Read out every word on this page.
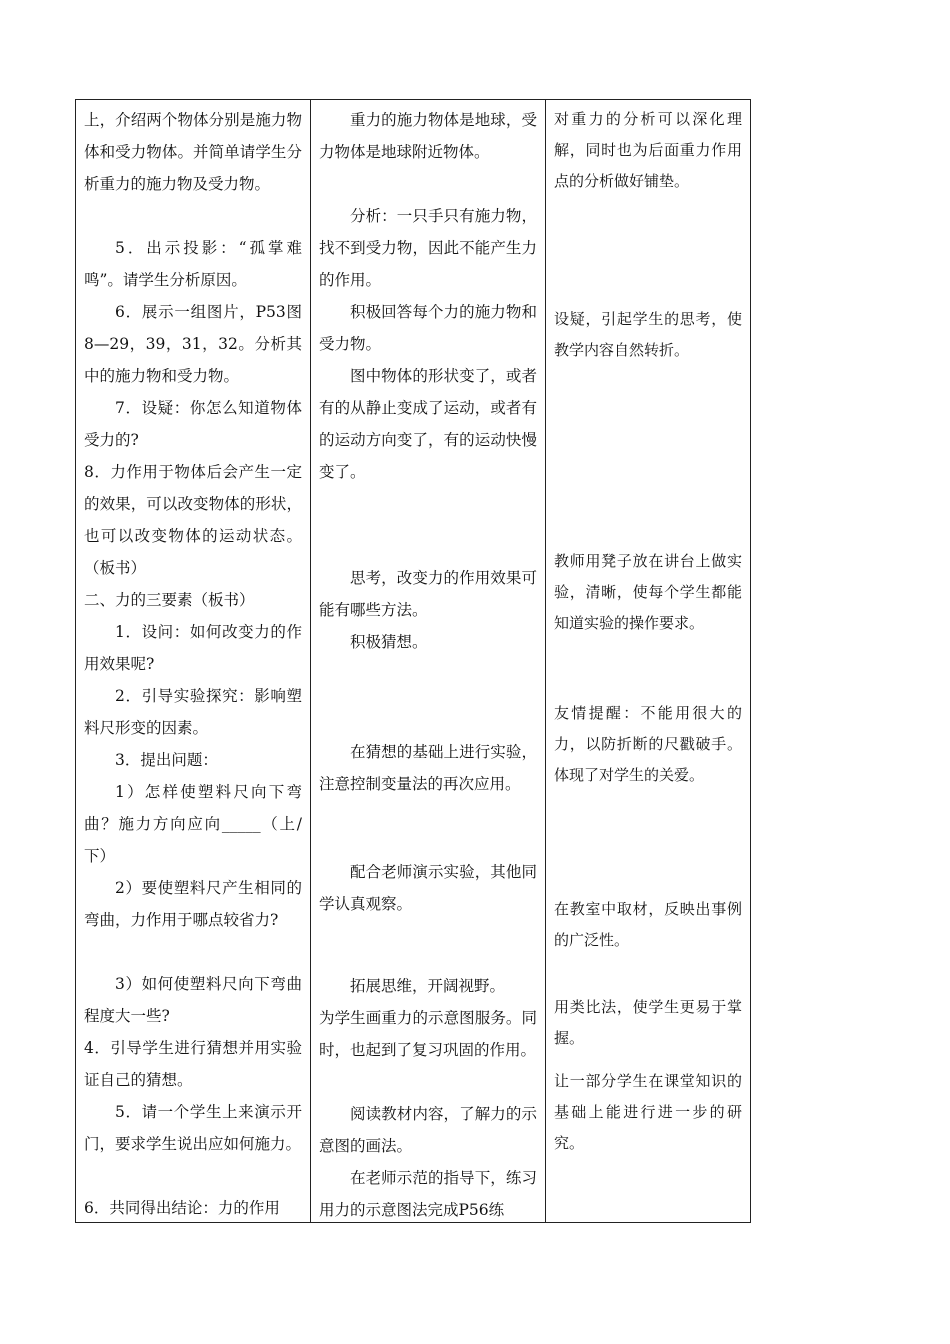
上，介绍两个物体分别是施力物体和受力物体。并简单请学生分析重力的施力物及受力物。
5．出示投影：“孤掌难鸣”。请学生分析原因。
6．展示一组图片，P53图8—29，39，31，32。分析其中的施力物和受力物。
7．设疑：你怎么知道物体受力的?
8．力作用于物体后会产生一定的效果，可以改变物体的形状，也可以改变物体的运动状态。（板书）
二、力的三要素（板书）
1．设问：如何改变力的作用效果呢?
2．引导实验探究：影响塑料尺形变的因素。
3．提出问题：
1）怎样使塑料尺向下弯曲？施力方向应向_____（上/下）
2）要使塑料尺产生相同的弯曲，力作用于哪点较省力?
3）如何使塑料尺向下弯曲程度大一些?
4．引导学生进行猜想并用实验证自己的猜想。
5．请一个学生上来演示开门，要求学生说出应如何施力。
6．共同得出结论：力的作用
重力的施力物体是地球，受力物体是地球附近物体。
分析：一只手只有施力物，找不到受力物，因此不能产生力的作用。
积极回答每个力的施力物和受力物。
图中物体的形状变了，或者有的从静止变成了运动，或者有的运动方向变了，有的运动快慢变了。
思考，改变力的作用效果可能有哪些方法。
积极猜想。
在猜想的基础上进行实验，注意控制变量法的再次应用。
配合老师演示实验，其他同学认真观察。
拓展思维，开阔视野。
为学生画重力的示意图服务。同时，也起到了复习巩固的作用。
阅读教材内容，了解力的示意图的画法。
在老师示范的指导下，练习用力的示意图法完成P56练
对重力的分析可以深化理解，同时也为后面重力作用点的分析做好铺垫。
设疑，引起学生的思考，使教学内容自然转折。
教师用凳子放在讲台上做实验，清晰，使每个学生都能知道实验的操作要求。
友情提醒：不能用很大的力，以防折断的尺戳破手。体现了对学生的关爱。
在教室中取材，反映出事例的广泛性。
用类比法，使学生更易于掌握。
让一部分学生在课堂知识的基础上能进行进一步的研究。
